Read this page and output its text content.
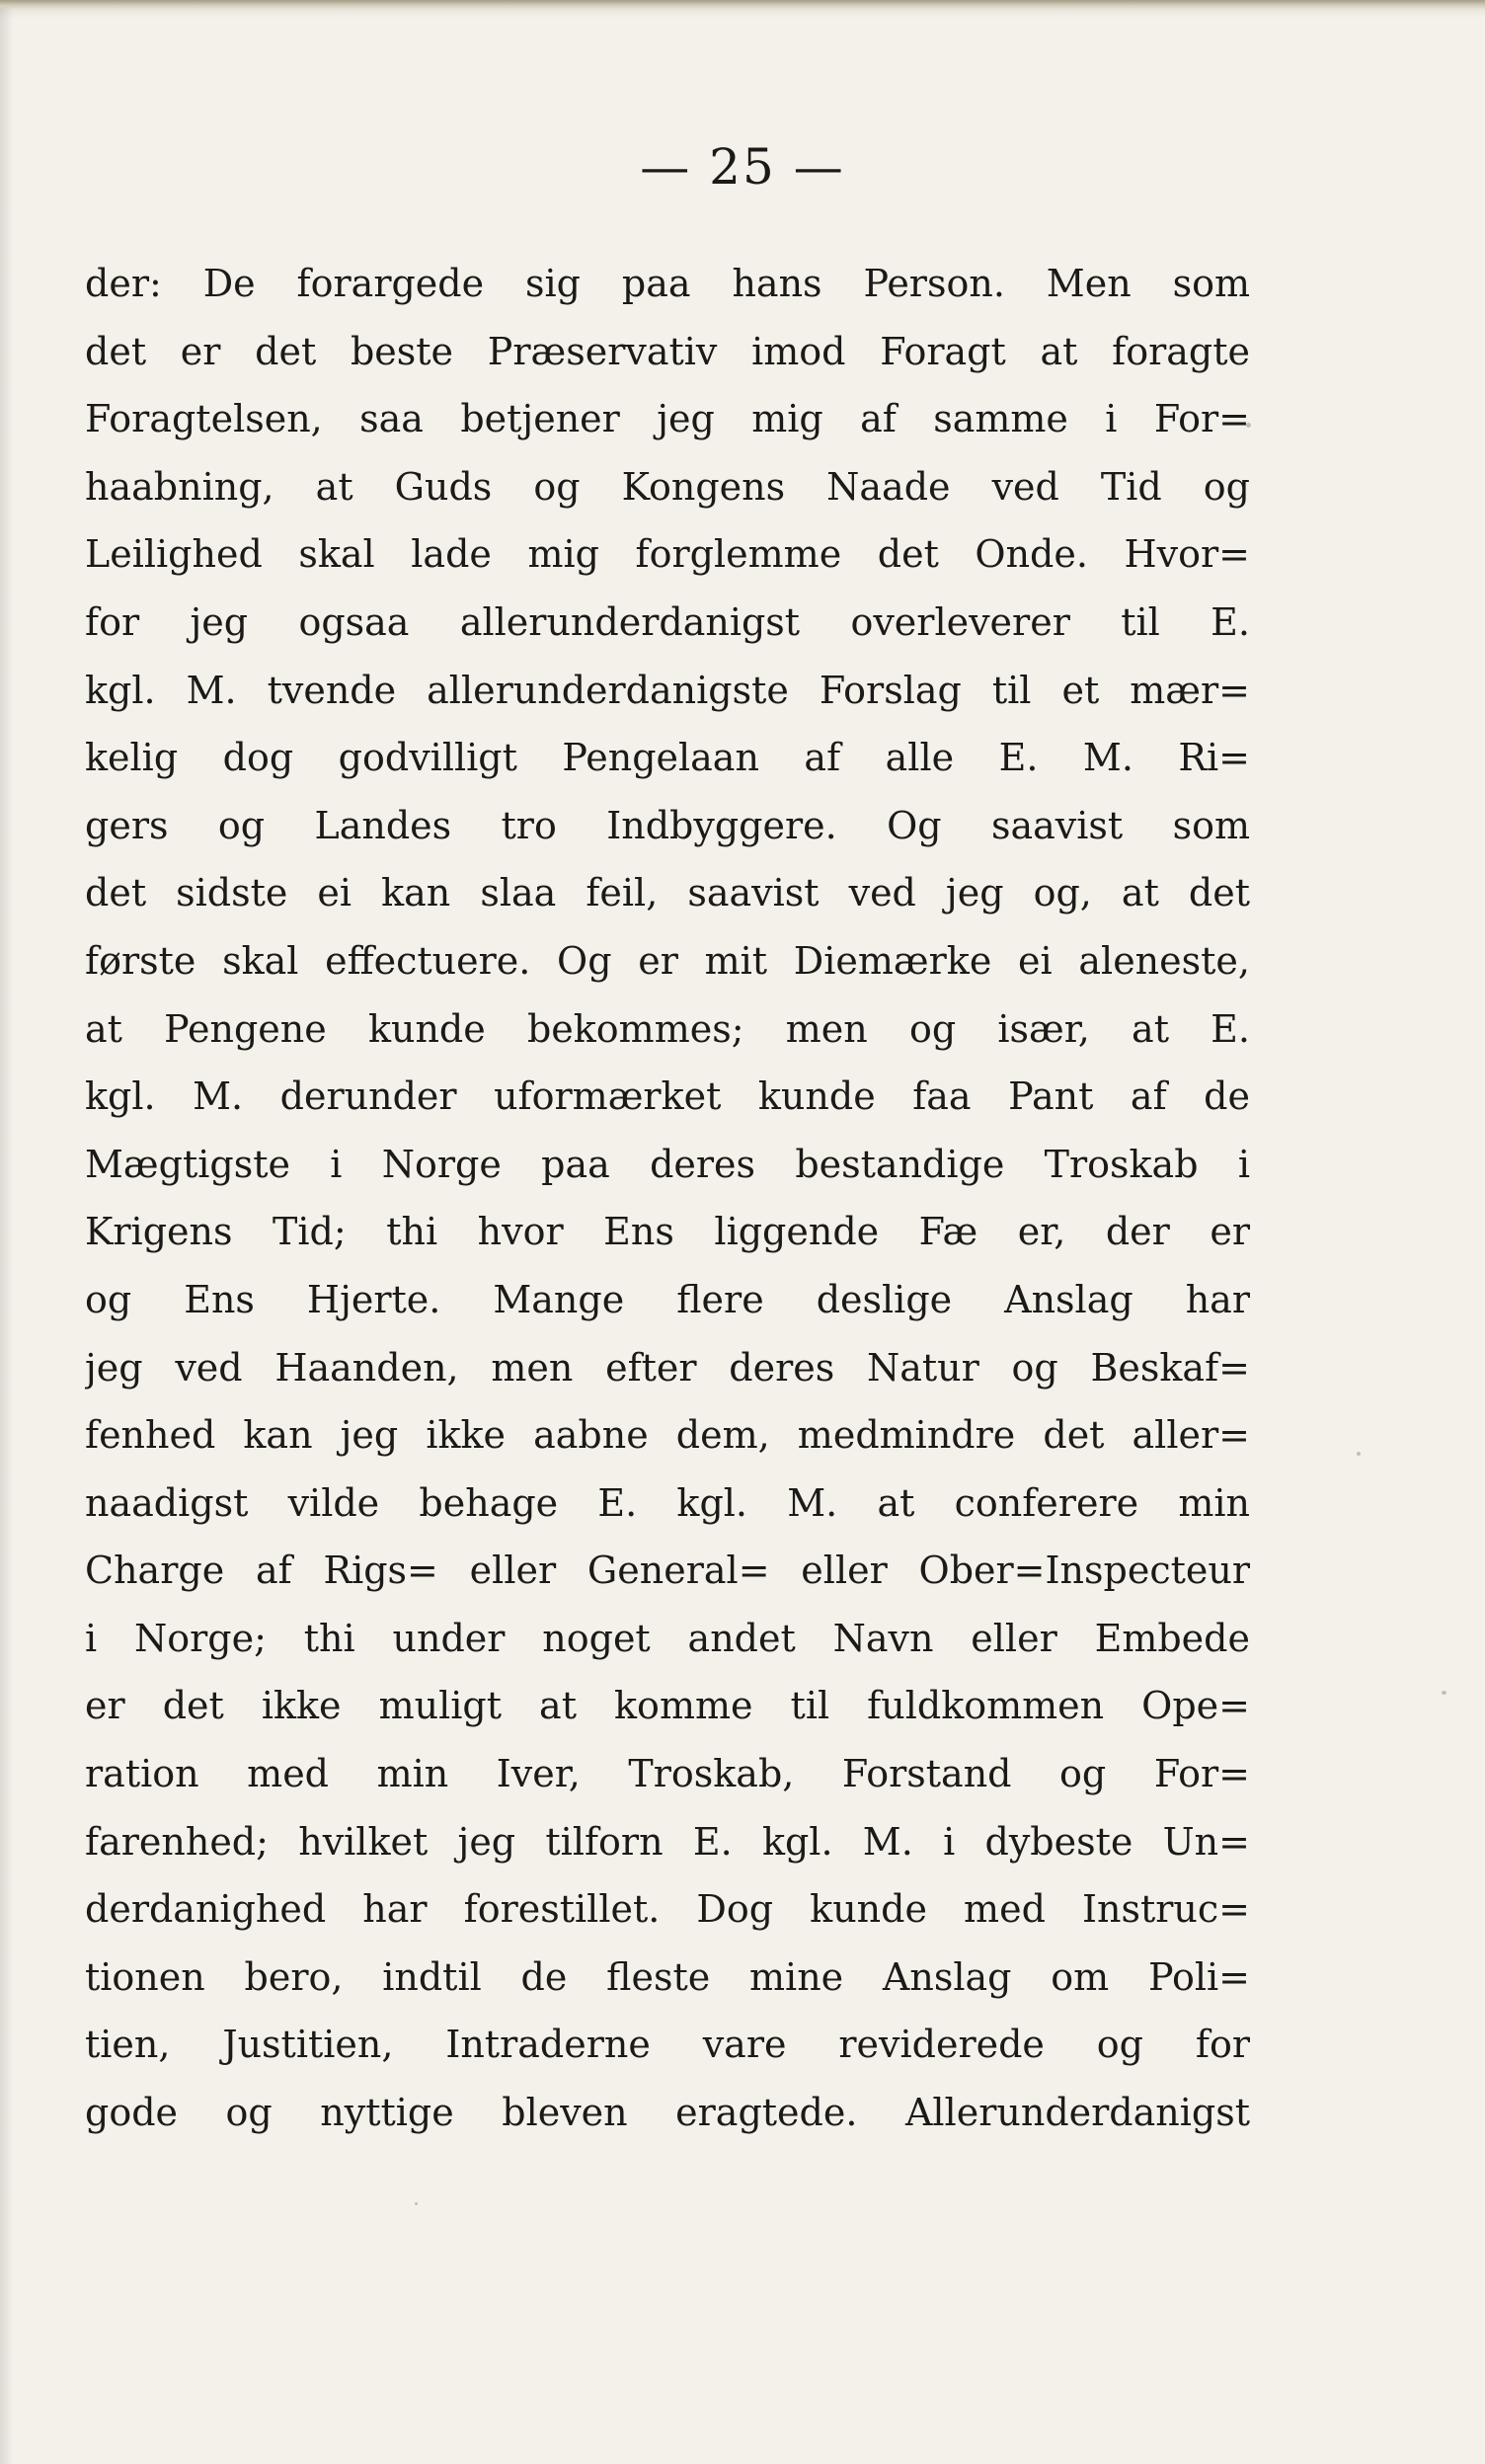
— 25 —
der: De forargede sig paa hans Person. Men som
det er det beste Præservativ imod Foragt at foragte
Foragtelsen, saa betjener jeg mig af samme i For=
haabning, at Guds og Kongens Naade ved Tid og
Leilighed skal lade mig forglemme det Onde. Hvor=
for jeg ogsaa allerunderdanigst overleverer til E.
kgl. M. tvende allerunderdanigste Forslag til et mær=
kelig dog godvilligt Pengelaan af alle E. M. Ri=
gers og Landes tro Indbyggere. Og saavist som
det sidste ei kan slaa feil, saavist ved jeg og, at det
første skal effectuere. Og er mit Diemærke ei aleneste,
at Pengene kunde bekommes; men og især, at E.
kgl. M. derunder uformærket kunde faa Pant af de
Mægtigste i Norge paa deres bestandige Troskab i
Krigens Tid; thi hvor Ens liggende Fæ er, der er
og Ens Hjerte. Mange flere deslige Anslag har
jeg ved Haanden, men efter deres Natur og Beskaf=
fenhed kan jeg ikke aabne dem, medmindre det aller=
naadigst vilde behage E. kgl. M. at conferere min
Charge af Rigs= eller General= eller Ober=Inspecteur
i Norge; thi under noget andet Navn eller Embede
er det ikke muligt at komme til fuldkommen Ope=
ration med min Iver, Troskab, Forstand og For=
farenhed; hvilket jeg tilforn E. kgl. M. i dybeste Un=
derdanighed har forestillet. Dog kunde med Instruc=
tionen bero, indtil de fleste mine Anslag om Poli=
tien, Justitien, Intraderne vare reviderede og for
gode og nyttige bleven eragtede. Allerunderdanigst
